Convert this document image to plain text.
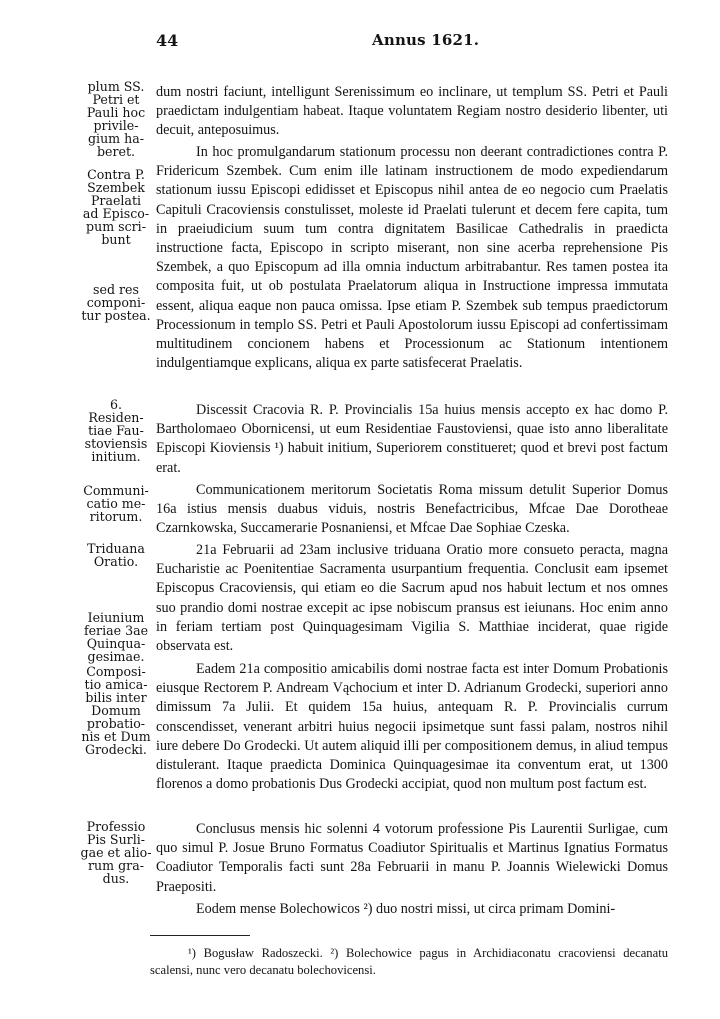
44	Annus 1621.
plum SS.
Petri et
Pauli hoc
privile-
gium ha-
beret.
Contra P.
Szembek
Praelati
ad Episco-
pum scri-
bunt
sed res
componi-
tur postea.
6.
Residen-
tiae Fau-
stoviensis
initium.
Communi-
catio me-
ritorum.
Triduana
Oratio.
Ieiunium
feriae 3ae
Quinqua-
gesimae.
Composi-
tio amica-
bilis inter
Domum
probatio-
nis et Dum
Grodecki.
Professio
Pis Surli-
gae et alio-
rum gra-
dus.

dum nostri faciunt, intelligunt Serenissimum eo inclinare, ut templum SS. Petri et Pauli praedictam indulgentiam habeat. Itaque voluntatem Regiam nostro desiderio libenter, uti decuit, anteposuimus.

In hoc promulgandarum stationum processu non deerant contradictiones contra P. Fridericum Szembek. Cum enim ille latinam instructionem de modo expediendarum stationum iussu Episcopi edidisset et Episcopus nihil antea de eo negocio cum Praelatis Capituli Cracoviensis constulisset, moleste id Praelati tulerunt et decem fere capita, tum in praeiudicium suum tum contra dignitatem Basilicae Cathedralis in praedicta instructione facta, Episcopo in scripto miserant, non sine acerba reprehensione Pis Szembek, a quo Episcopum ad illa omnia inductum arbitrabantur. Res tamen postea ita composita fuit, ut ob postulata Praelatorum aliqua in Instructione impressa immutata essent, aliqua eaque non pauca omissa. Ipse etiam P. Szembek sub tempus praedictorum Processionum in templo SS. Petri et Pauli Apostolorum iussu Episcopi ad confertissimam multitudinem concionem habens et Processionum ac Stationum intentionem indulgentiamque explicans, aliqua ex parte satisfecerat Praelatis.

Discessit Cracovia R. P. Provincialis 15a huius mensis accepto ex hac domo P. Bartholomaeo Obornicensi, ut eum Residentiae Faustoviensi, quae isto anno liberalitate Episcopi Kioviensis ¹) habuit initium, Superiorem constitueret; quod et brevi post factum erat.

Communicationem meritorum Societatis Roma missum detulit Superior Domus 16a istius mensis duabus viduis, nostris Benefactricibus, Mfcae Dae Dorotheae Czarnkowska, Succamerarie Posnaniensi, et Mfcae Dae Sophiae Czeska.

21a Februarii ad 23am inclusive triduana Oratio more consueto peracta, magna Eucharistie ac Poenitentiae Sacramenta usurpantium frequentia. Conclusit eam ipsemet Episcopus Cracoviensis, qui etiam eo die Sacrum apud nos habuit lectum et nos omnes suo prandio domi nostrae excepit ac ipse nobiscum pransus est ieiunans. Hoc enim anno in feriam tertiam post Quinquagesimam Vigilia S. Matthiae inciderat, quae rigide observata est.

Eadem 21a compositio amicabilis domi nostrae facta est inter Domum Probationis eiusque Rectorem P. Andream Vąchocium et inter D. Adrianum Grodecki, superiori anno dimissum 7a Julii. Et quidem 15a huius, antequam R. P. Provincialis currum conscendisset, venerant arbitri huius negocii ipsimetque sunt fassi palam, nostros nihil iure debere Do Grodecki. Ut autem aliquid illi per compositionem demus, in aliud tempus distulerant. Itaque praedicta Dominica Quinquagesimae ita conventum erat, ut 1300 florenos a domo probationis Dus Grodecki accipiat, quod non multum post factum est.

Conclusus mensis hic solenni 4 votorum professione Pis Laurentii Surligae, cum quo simul P. Josue Bruno Formatus Coadiutor Spiritualis et Martinus Ignatius Formatus Coadiutor Temporalis facti sunt 28a Februarii in manu P. Joannis Wielewicki Domus Praepositi.

Eodem mense Bolechowicos ²) duo nostri missi, ut circa primam Domini-

¹) Bogusław Radoszecki. ²) Bolechowice pagus in Archidiaconatu cracoviensi decanatu scalensi, nunc vero decanatu bolechovicensi.
